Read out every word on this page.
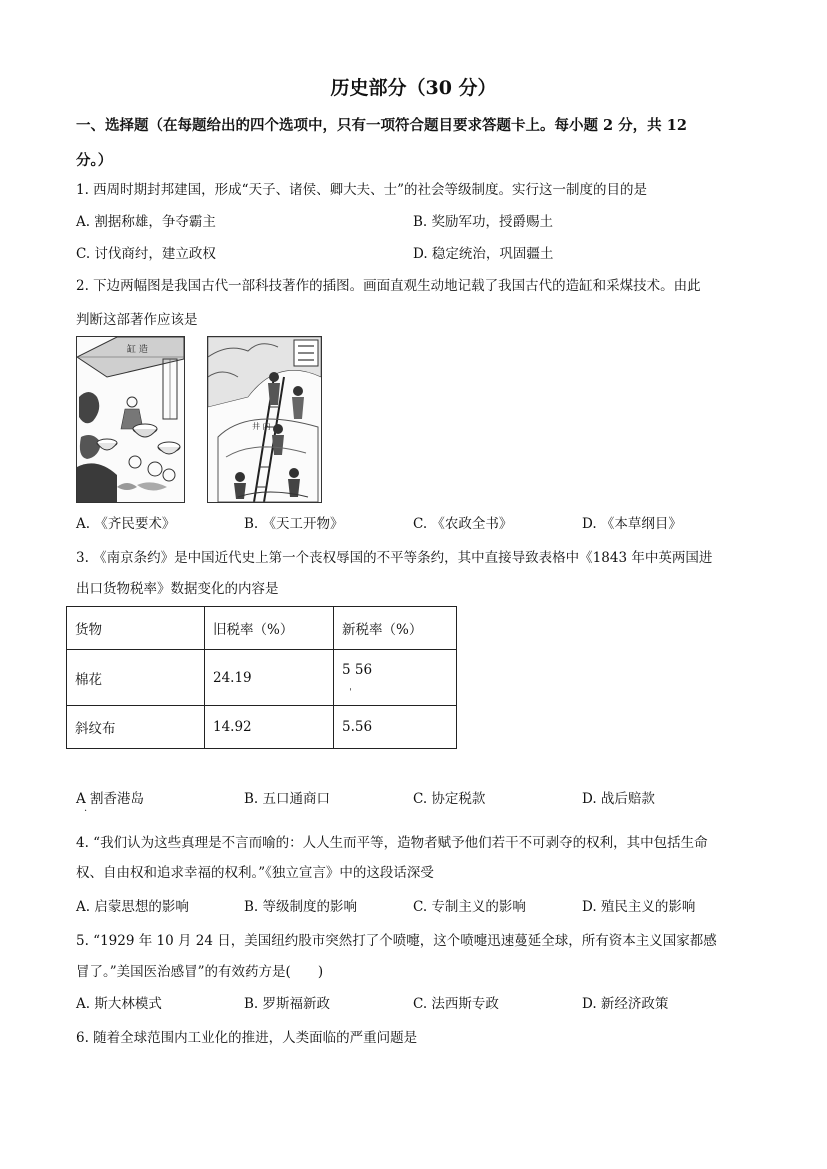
历史部分（30 分）
一、选择题（在每题给出的四个选项中，只有一项符合题目要求答题卡上。每小题 2 分，共 12
分。）
1. 西周时期封邦建国，形成“天子、诸侯、卿大夫、士”的社会等级制度。实行这一制度的目的是
A. 割据称雄，争夺霸主	B. 奖励军功，授爵赐土
C. 讨伐商纣，建立政权	D. 稳定统治，巩固疆土
2. 下边两幅图是我国古代一部科技著作的插图。画面直观生动地记载了我国古代的造缸和采煤技术。由此
判断这部著作应该是
缸 造
井 内
A. 《齐民要术》	B. 《天工开物》	C. 《农政全书》	D. 《本草纲目》
3. 《南京条约》是中国近代史上第一个丧权辱国的不平等条约，其中直接导致表格中《1843 年中英两国进
出口货物税率》数据变化的内容是
货物	旧税率（%）	新税率（%）
棉花	24.19	5 56
斜纹布	14.92	5.56
ˌ
A 割香港岛
·
B. 五口通商口	C. 协定税款	D. 战后赔款
4. “我们认为这些真理是不言而喻的：人人生而平等，造物者赋予他们若干不可剥夺的权利，其中包括生命
权、自由权和追求幸福的权利。”《独立宣言》中的这段话深受
A. 启蒙思想的影响	B. 等级制度的影响	C. 专制主义的影响	D. 殖民主义的影响
5. “1929 年 10 月 24 日，美国纽约股市突然打了个喷嚏，这个喷嚏迅速蔓延全球，所有资本主义国家都感
冒了。”美国医治感冒”的有效药方是(　　)
A. 斯大林模式	B. 罗斯福新政	C. 法西斯专政	D. 新经济政策
6. 随着全球范围内工业化的推进，人类面临的严重问题是
